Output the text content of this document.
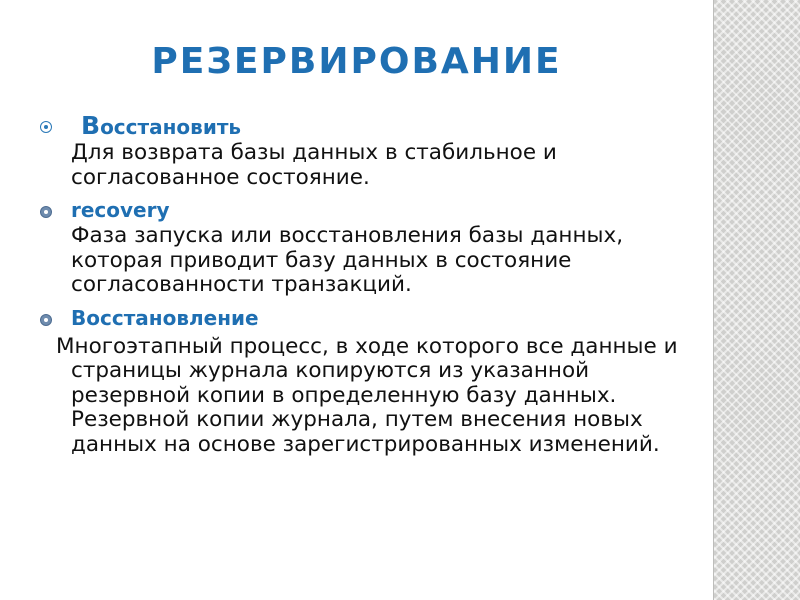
РЕЗЕРВИРОВАНИЕ
Восстановить
Для возврата базы данных в стабильное и согласованное состояние.
recovery
Фаза запуска или восстановления базы данных, которая приводит базу данных в состояние согласованности транзакций.
Восстановление
Многоэтапный процесс, в ходе которого все данные и страницы журнала копируются из указанной резервной копии в определенную базу данных. Резервной копии журнала, путем внесения новых данных на основе зарегистрированных изменений.
